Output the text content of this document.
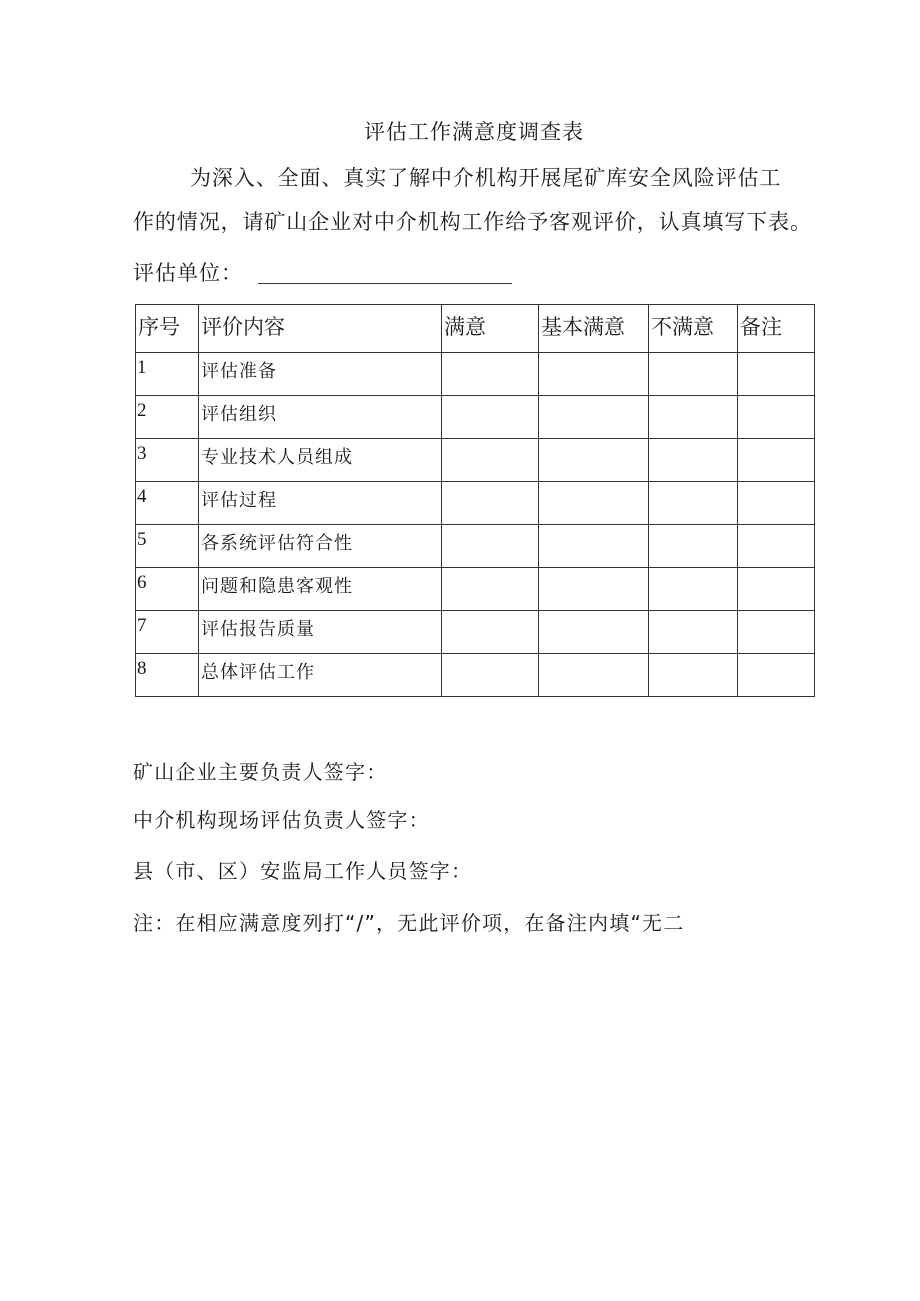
评估工作满意度调查表
为深入、全面、真实了解中介机构开展尾矿库安全风险评估工
作的情况，请矿山企业对中介机构工作给予客观评价，认真填写下表。
评估单位：
序号	评价内容	满意	基本满意	不满意	备注
1	评估准备				
2	评估组织				
3	专业技术人员组成				
4	评估过程				
5	各系统评估符合性				
6	问题和隐患客观性				
7	评估报告质量				
8	总体评估工作				
矿山企业主要负责人签字：
中介机构现场评估负责人签字：
县（市、区）安监局工作人员签字：
注：在相应满意度列打“/”，无此评价项，在备注内填“无二
